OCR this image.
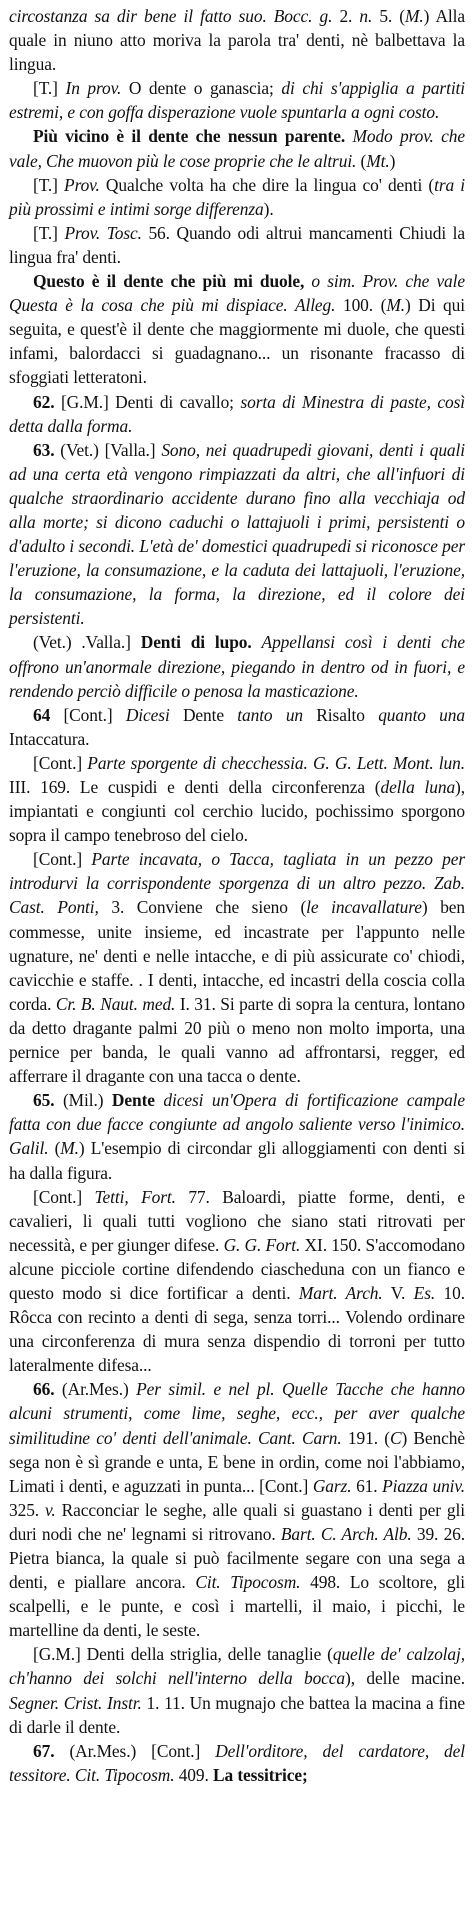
circostanza sa dir bene il fatto suo. Bocc. g. 2. n. 5. (M.) Alla quale in niuno atto moriva la parola tra' denti, nè balbettava la lingua.

[T.] In prov. O dente o ganascia; di chi s'appiglia a partiti estremi, e con goffa disperazione vuole spuntarla a ogni costo.

Più vicino è il dente che nessun parente. Modo prov. che vale, Che muovon più le cose proprie che le altrui. (Mt.)

[T.] Prov. Qualche volta ha che dire la lingua co' denti (tra i più prossimi e intimi sorge differenza).

[T.] Prov. Tosc. 56. Quando odi altrui mancamenti Chiudi la lingua fra' denti.

Questo è il dente che più mi duole, o sim. Prov. che vale Questa è la cosa che più mi dispiace. Alleg. 100. (M.) Di qui seguita, e quest'è il dente che maggiormente mi duole, che questi infami, balordacci si guadagnano... un risonante fracasso di sfoggiati letteratoni.

62. [G.M.] Denti di cavallo; sorta di Minestra di paste, così detta dalla forma.

63. (Vet.) [Valla.] Sono, nei quadrupedi giovani, denti i quali ad una certa età vengono rimpiazzati da altri, che all'infuori di qualche straordinario accidente durano fino alla vecchiaja od alla morte; si dicono caduchi o lattajuoli i primi, persistenti o d'adulto i secondi. L'età de' domestici quadrupedi si riconosce per l'eruzione, la consumazione, e la caduta dei lattajuoli, l'eruzione, la consumazione, la forma, la direzione, ed il colore dei persistenti.

(Vet.) .Valla.] Denti di lupo. Appellansi così i denti che offrono un'anormale direzione, piegando in dentro od in fuori, e rendendo perciò difficile o penosa la masticazione.

64 [Cont.] Dicesi Dente tanto un Risalto quanto una Intaccatura.

[Cont.] Parte sporgente di checchessia. G. G. Lett. Mont. lun. III. 169. Le cuspidi e denti della circonferenza (della luna), impiantati e congiunti col cerchio lucido, pochissimo sporgono sopra il campo tenebroso del cielo.

[Cont.] Parte incavata, o Tacca, tagliata in un pezzo per introdurvi la corrispondente sporgenza di un altro pezzo. Zab. Cast. Ponti, 3. Conviene che sieno (le incavallature) ben commesse, unite insieme, ed incastrate per l'appunto nelle ugnature, ne' denti e nelle intacche, e di più assicurate co' chiodi, cavicchie e staffe. . I denti, intacche, ed incastri della coscia colla corda. Cr. B. Naut. med. I. 31. Si parte di sopra la centura, lontano da detto dragante palmi 20 più o meno non molto importa, una pernice per banda, le quali vanno ad affrontarsi, regger, ed afferrare il dragante con una tacca o dente.

65. (Mil.) Dente dicesi un'Opera di fortificazione campale fatta con due facce congiunte ad angolo saliente verso l'inimico. Galil. (M.) L'esempio di circondar gli alloggiamenti con denti si ha dalla figura.

[Cont.] Tetti, Fort. 77. Baloardi, piatte forme, denti, e cavalieri, li quali tutti vogliono che siano stati ritrovati per necessità, e per giunger difese. G. G. Fort. XI. 150. S'accomodano alcune picciole cortine difendendo ciascheduna con un fianco e questo modo si dice fortificar a denti. Mart. Arch. V. Es. 10. Rôcca con recinto a denti di sega, senza torri... Volendo ordinare una circonferenza di mura senza dispendio di torroni per tutto lateralmente difesa...

66. (Ar.Mes.) Per simil. e nel pl. Quelle Tacche che hanno alcuni strumenti, come lime, seghe, ecc., per aver qualche similitudine co' denti dell'animale. Cant. Carn. 191. (C) Benchè sega non è sì grande e unta, E bene in ordin, come noi l'abbiamo, Limati i denti, e aguzzati in punta... [Cont.] Garz. 61. Piazza univ. 325. v. Racconciar le seghe, alle quali si guastano i denti per gli duri nodi che ne' legnami si ritrovano. Bart. C. Arch. Alb. 39. 26. Pietra bianca, la quale si può facilmente segare con una sega a denti, e piallare ancora. Cit. Tipocosm. 498. Lo scoltore, gli scalpelli, e le punte, e così i martelli, il maio, i picchi, le martelline da denti, le seste.

[G.M.] Denti della striglia, delle tanaglie (quelle de' calzolaj, ch'hanno dei solchi nell'interno della bocca), delle macine. Segner. Crist. Instr. 1. 11. Un mugnajo che battea la macina a fine di darle il dente.

67. (Ar.Mes.) [Cont.] Dell'orditore, del cardatore, del tessitore. Cit. Tipocosm. 409. La tessitrice;
